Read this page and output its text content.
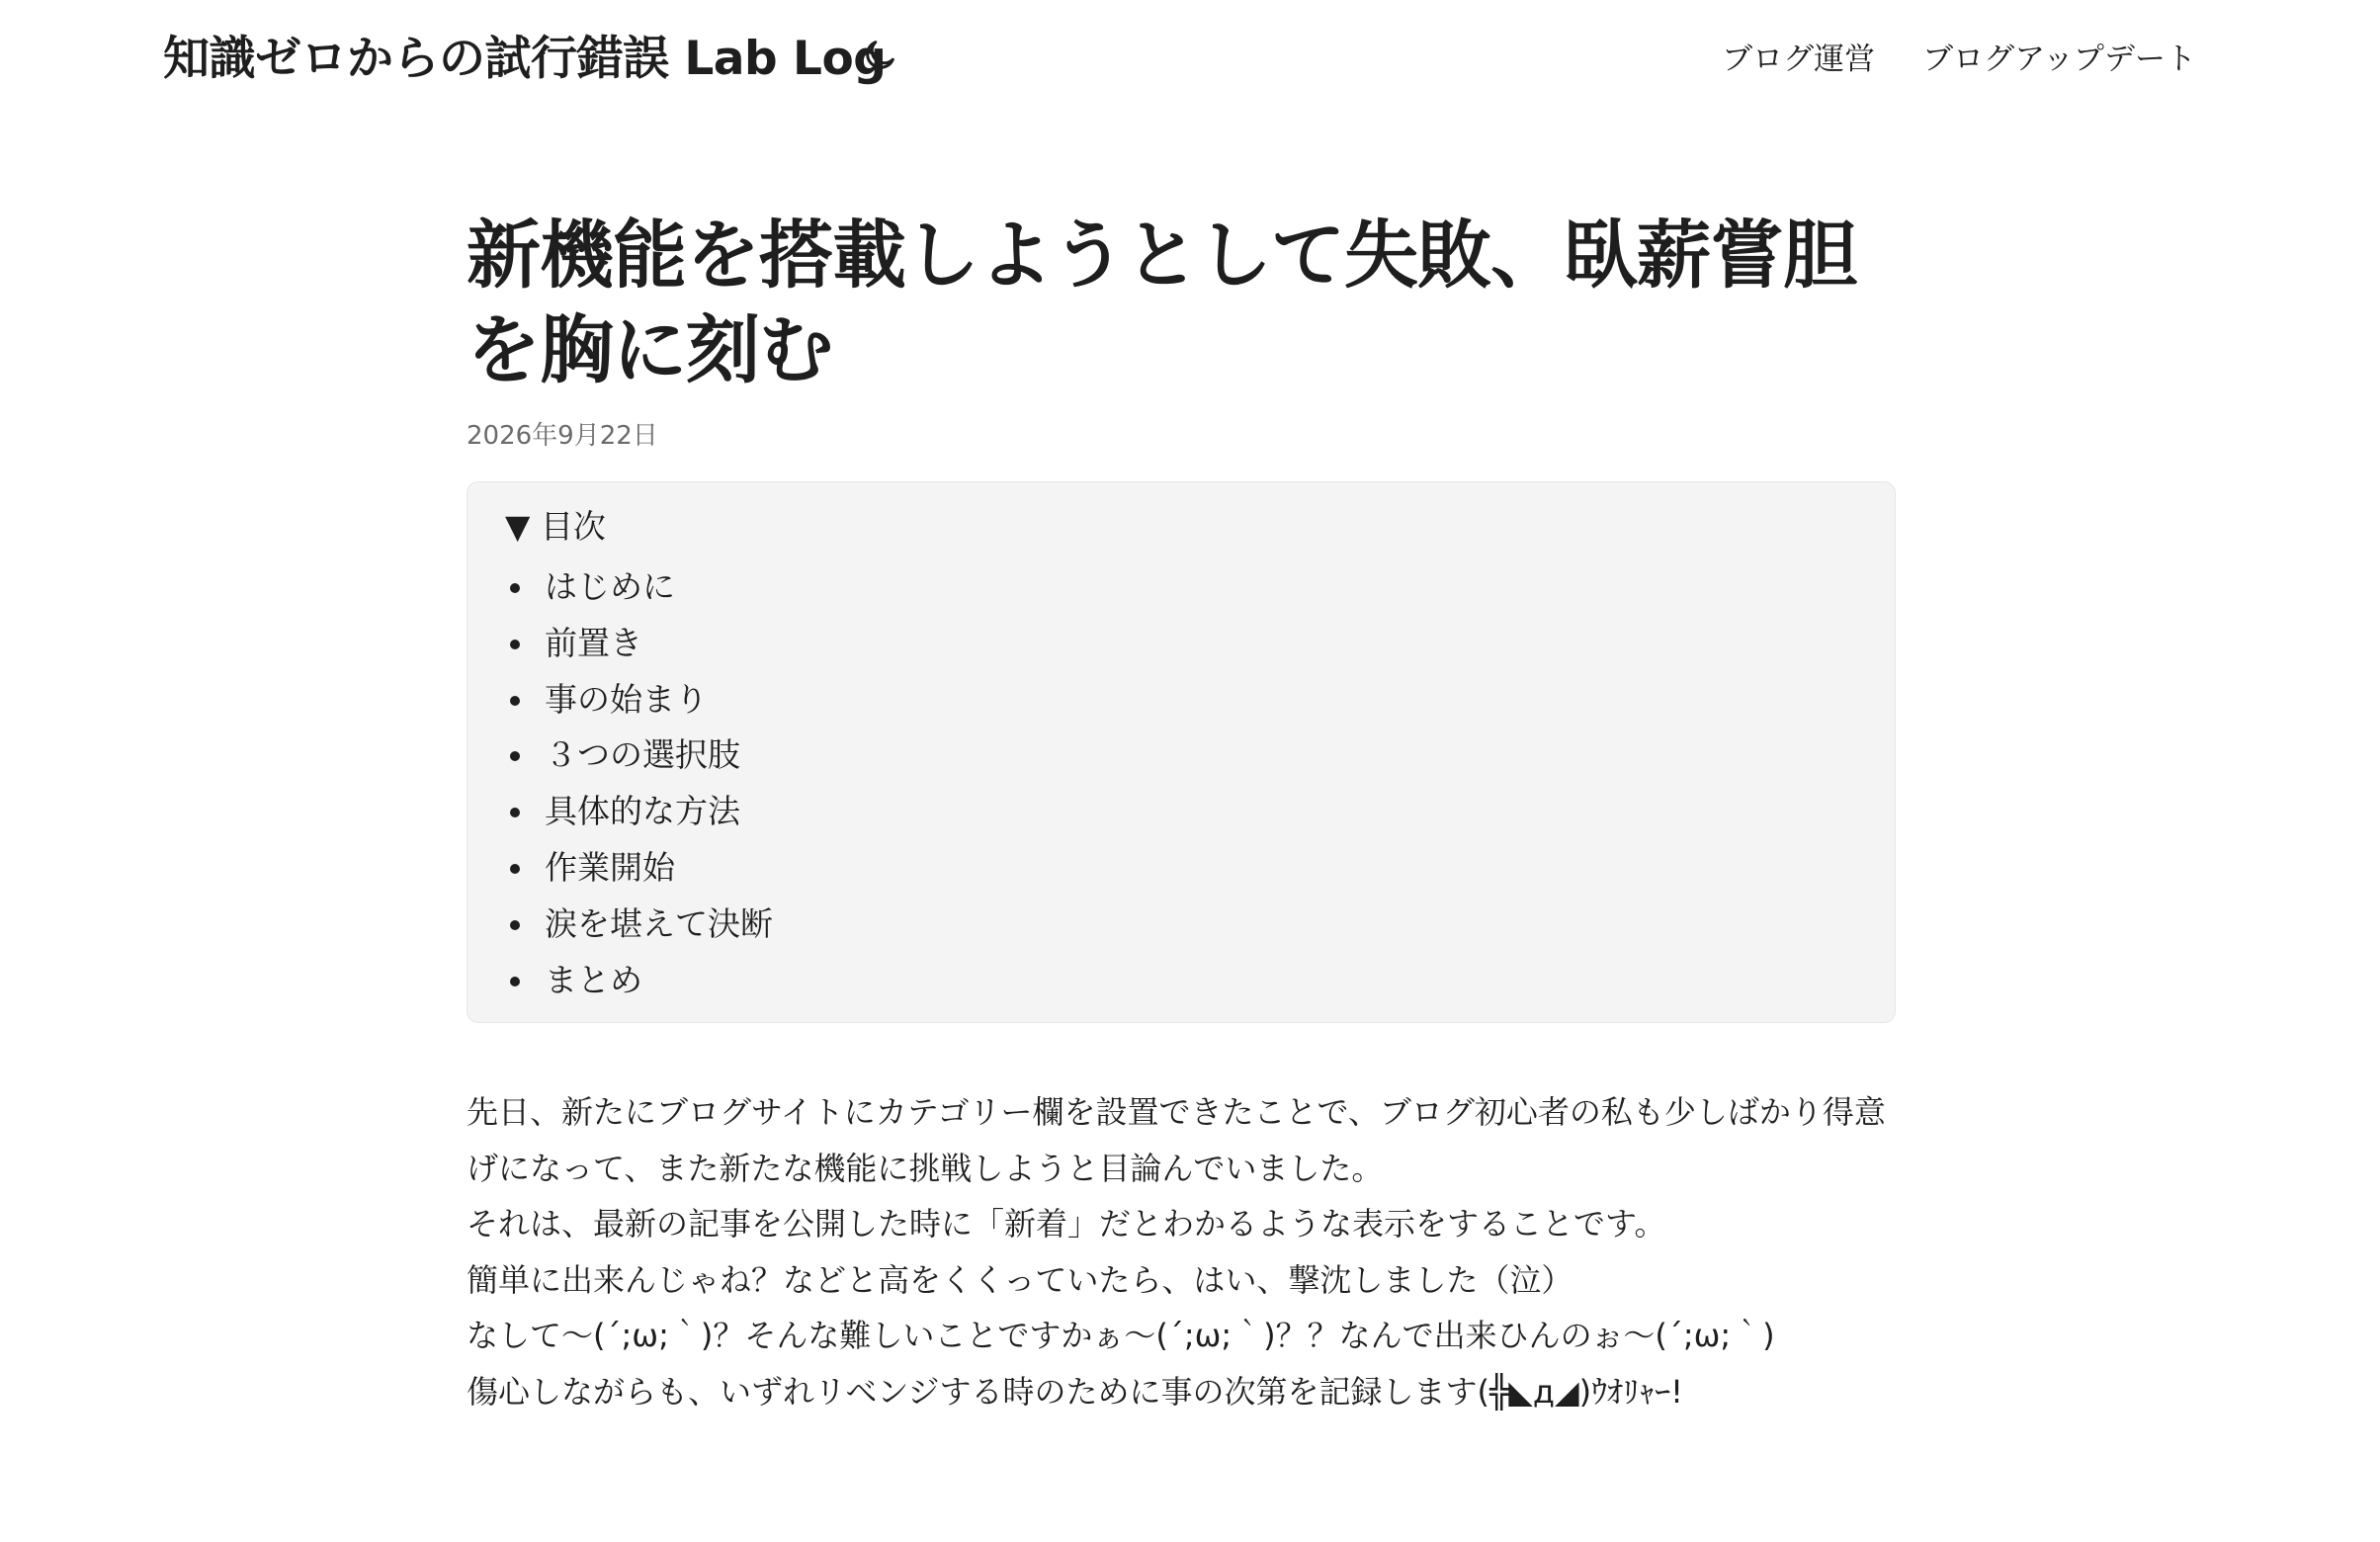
知識ゼロからの試行錯誤 Lab Log	ブログ運営 ブログアップデート
新機能を搭載しようとして失敗、臥薪嘗胆を胸に刻む
2026年9月22日
▼ 目次
はじめに
前置き
事の始まり
３つの選択肢
具体的な方法
作業開始
涙を堪えて決断
まとめ

先日、新たにブログサイトにカテゴリー欄を設置できたことで、ブログ初心者の私も少しばかり得意げになって、また新たな機能に挑戦しようと目論んでいました。

それは、最新の記事を公開した時に「新着」だとわかるような表示をすることです。

簡単に出来んじゃね？などと高をくくっていたら、はい、撃沈しました（泣）

なして〜(´;ω;｀)？そんな難しいことですかぁ〜(´;ω;｀)？？なんで出来ひんのぉ〜(´;ω;｀)

傷心しながらも、いずれリベンジする時のために事の次第を記録します(╬◣д◢)ｳｵﾘｬｰ!
